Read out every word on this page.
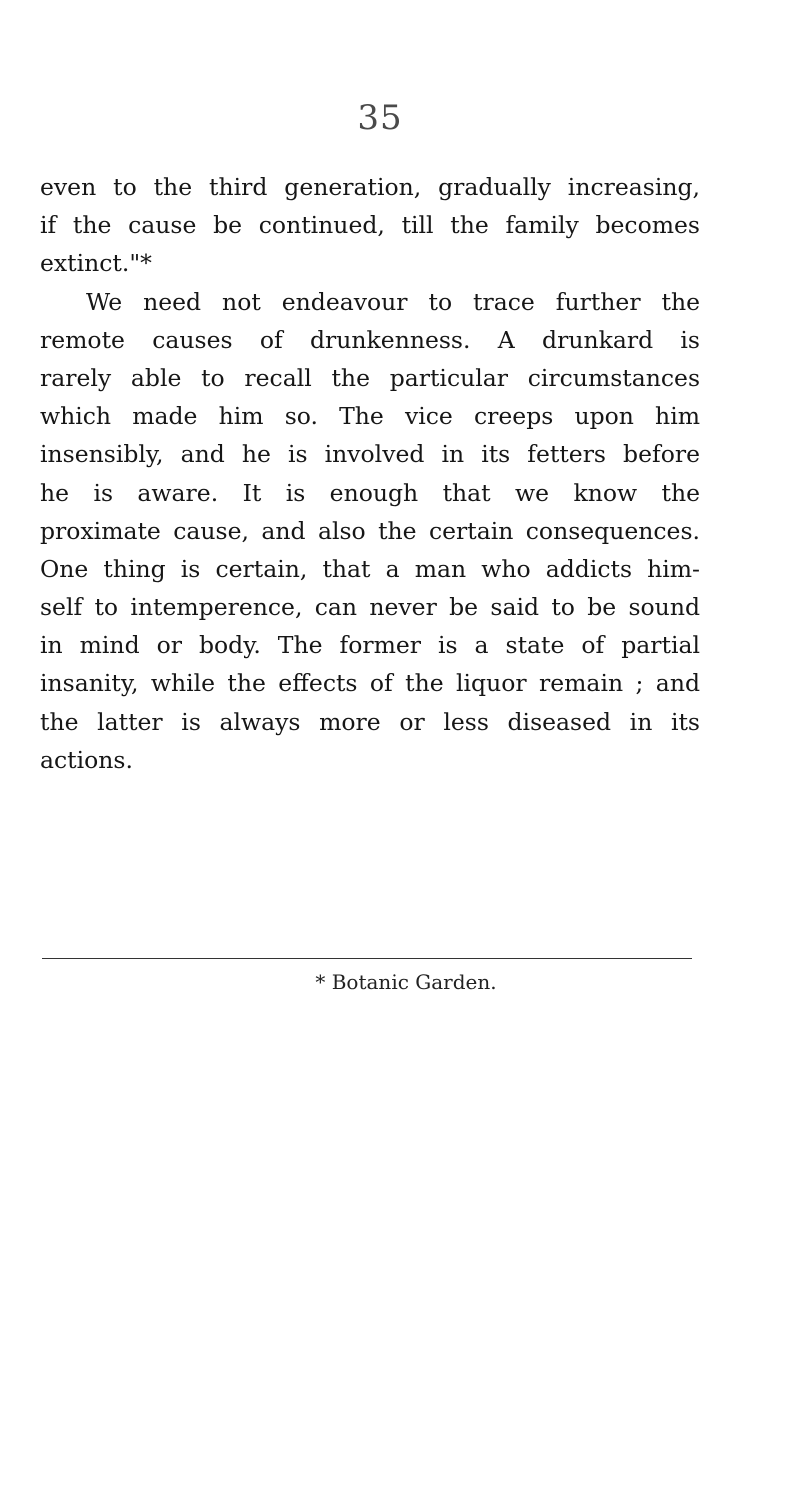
35
even to the third generation, gradually increasing,
if the cause be continued, till the family becomes
extinct."*
We need not endeavour to trace further the
remote causes of drunkenness. A drunkard is
rarely able to recall the particular circumstances
which made him so. The vice creeps upon him
insensibly, and he is involved in its fetters before
he is aware. It is enough that we know the
proximate cause, and also the certain consequences.
One thing is certain, that a man who addicts him-
self to intemperence, can never be said to be sound
in mind or body. The former is a state of partial
insanity, while the effects of the liquor remain ; and
the latter is always more or less diseased in its
actions.
* Botanic Garden.
